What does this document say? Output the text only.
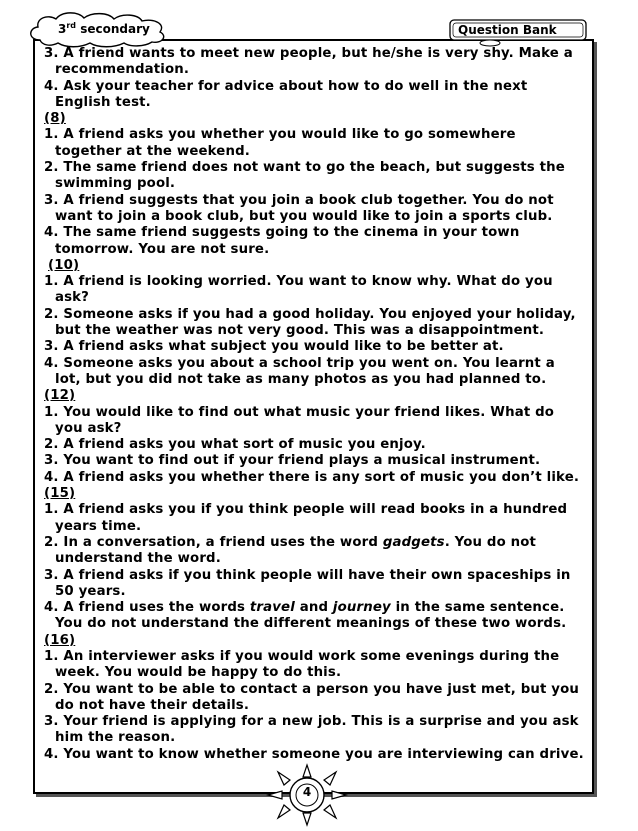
3rd secondary	Question Bank
3. A friend wants to meet new people, but he/she is very shy. Make a
recommendation.
4. Ask your teacher for advice about how to do well in the next
English test.
(8)
1. A friend asks you whether you would like to go somewhere
together at the weekend.
2. The same friend does not want to go the beach, but suggests the
swimming pool.
3. A friend suggests that you join a book club together. You do not
want to join a book club, but you would like to join a sports club.
4. The same friend suggests going to the cinema in your town
tomorrow. You are not sure.
(10)
1. A friend is looking worried. You want to know why. What do you
ask?
2. Someone asks if you had a good holiday. You enjoyed your holiday,
but the weather was not very good. This was a disappointment.
3. A friend asks what subject you would like to be better at.
4. Someone asks you about a school trip you went on. You learnt a
lot, but you did not take as many photos as you had planned to.
(12)
1. You would like to find out what music your friend likes. What do
you ask?
2. A friend asks you what sort of music you enjoy.
3. You want to find out if your friend plays a musical instrument.
4. A friend asks you whether there is any sort of music you don’t like.
(15)
1. A friend asks you if you think people will read books in a hundred
years time.
2. In a conversation, a friend uses the word gadgets. You do not
understand the word.
3. A friend asks if you think people will have their own spaceships in
50 years.
4. A friend uses the words travel and journey in the same sentence.
You do not understand the different meanings of these two words.
(16)
1. An interviewer asks if you would work some evenings during the
week. You would be happy to do this.
2. You want to be able to contact a person you have just met, but you
do not have their details.
3. Your friend is applying for a new job. This is a surprise and you ask
him the reason.
4. You want to know whether someone you are interviewing can drive.
4
